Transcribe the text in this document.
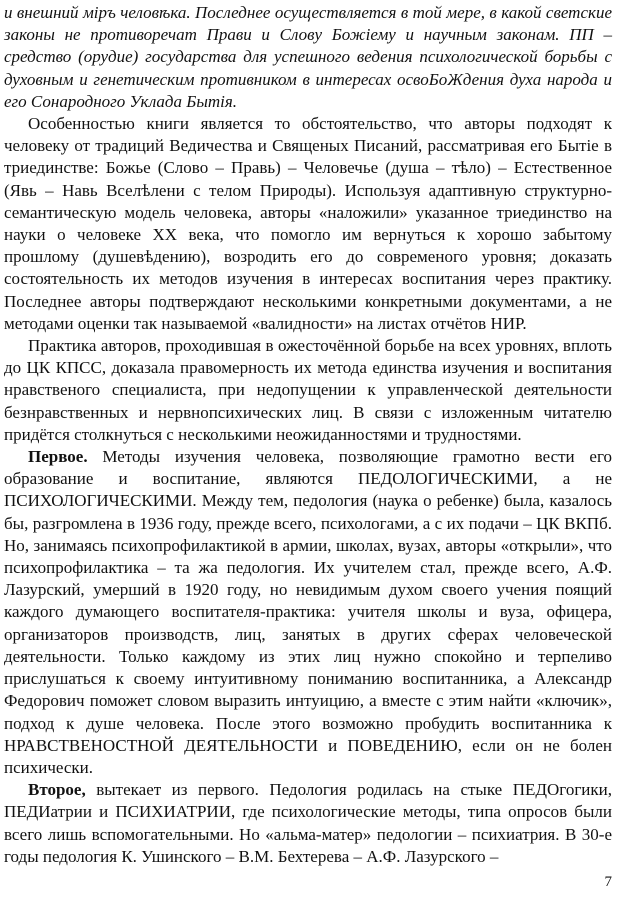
и внешний міръ человѣка. Последнее осуществляется в той мере, в какой светские законы не противоречат Прави и Слову Божіему и научным законам. ПП – средство (орудие) государства для успешного ведения психологической борьбы с духовным и генетическим противником в интересах освоБоЖдения духа народа и его Сонародного Уклада Бытія.

Особенностью книги является то обстоятельство, что авторы подходят к человеку от традиций Ведичества и Священых Писаний, рассматривая его Бытіе в триединстве: Божье (Слово – Правь) – Человечье (душа – тѣло) – Естественное (Явь – Навь Вселѣлени с телом Природы). Используя адаптивную структурно-семантическую модель человека, авторы «наложили» указанное триединство на науки о человеке XX века, что помогло им вернуться к хорошо забытому прошлому (душевѣдению), возродить его до современого уровня; доказать состоятельность их методов изучения в интересах воспитания через практику. Последнее авторы подтверждают несколькими конкретными документами, а не методами оценки так называемой «валидности» на листах отчётов НИР.

Практика авторов, проходившая в ожесточённой борьбе на всех уровнях, вплоть до ЦК КПСС, доказала правомерность их метода единства изучения и воспитания нравственого специалиста, при недопущении к управленческой деятельности безнравственных и нервнопсихических лиц. В связи с изложенным читателю придётся столкнуться с несколькими неожиданностями и трудностями.

Первое. Методы изучения человека, позволяющие грамотно вести его образование и воспитание, являются ПЕДОЛОГИЧЕСКИМИ, а не ПСИХОЛОГИЧЕСКИМИ. Между тем, педология (наука о ребенке) была, казалось бы, разгромлена в 1936 году, прежде всего, психологами, а с их подачи – ЦК ВКПб. Но, занимаясь психопрофилактикой в армии, школах, вузах, авторы «открыли», что психопрофилактика – та жа педология. Их учителем стал, прежде всего, А.Ф. Лазурский, умерший в 1920 году, но невидимым духом своего учения поящий каждого думающего воспитателя-практика: учителя школы и вуза, офицера, организаторов производств, лиц, занятых в других сферах человеческой деятельности. Только каждому из этих лиц нужно спокойно и терпеливо прислушаться к своему интуитивному пониманию воспитанника, а Александр Федорович поможет словом выразить интуицию, а вместе с этим найти «ключик», подход к душе человека. После этого возможно пробудить воспитанника к НРАВСТВЕНОСТНОЙ ДЕЯТЕЛЬНОСТИ и ПОВЕДЕНИЮ, если он не болен психически.

Второе, вытекает из первого. Педология родилась на стыке ПЕДОгогики, ПЕДИатрии и ПСИХИАТРИИ, где психологические методы, типа опросов были всего лишь вспомогательными. Но «альма-матер» педологии – психиатрия. В 30-е годы педология К. Ушинского – В.М. Бехтерева – А.Ф. Лазурского –

7
